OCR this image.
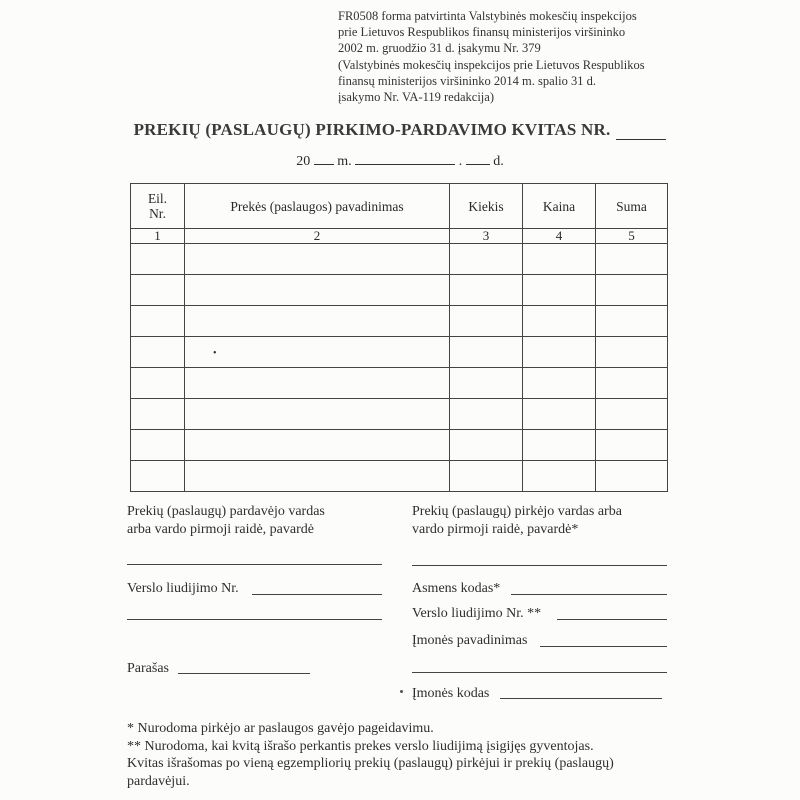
FR0508 forma patvirtinta Valstybinės mokesčių inspekcijos
prie Lietuvos Respublikos finansų ministerijos viršininko
2002 m. gruodžio 31 d. įsakymu Nr. 379
(Valstybinės mokesčių inspekcijos prie Lietuvos Respublikos
finansų ministerijos viršininko 2014 m. spalio 31 d.
įsakymo Nr. VA-119 redakcija)
PREKIŲ (PASLAUGŲ) PIRKIMO-PARDAVIMO KVITAS NR.
20 m.	. d.
Eil. Nr.	Prekės (paslaugos) pavadinimas	Kiekis	Kaina	Suma
1	2	3	4	5

	•			

Prekių (paslaugų) pardavėjo vardas
arba vardo pirmoji raidė, pavardė
Verslo liudijimo Nr.
Parašas
Prekių (paslaugų) pirkėjo vardas arba
vardo pirmoji raidė, pavardė*
Asmens kodas*
Verslo liudijimo Nr. **
Įmonės pavadinimas
Įmonės kodas
* Nurodoma pirkėjo ar paslaugos gavėjo pageidavimu.
** Nurodoma, kai kvitą išrašo perkantis prekes verslo liudijimą įsigijęs gyventojas.
Kvitas išrašomas po vieną egzempliorių prekių (paslaugų) pirkėjui ir prekių (paslaugų)
pardavėjui.
